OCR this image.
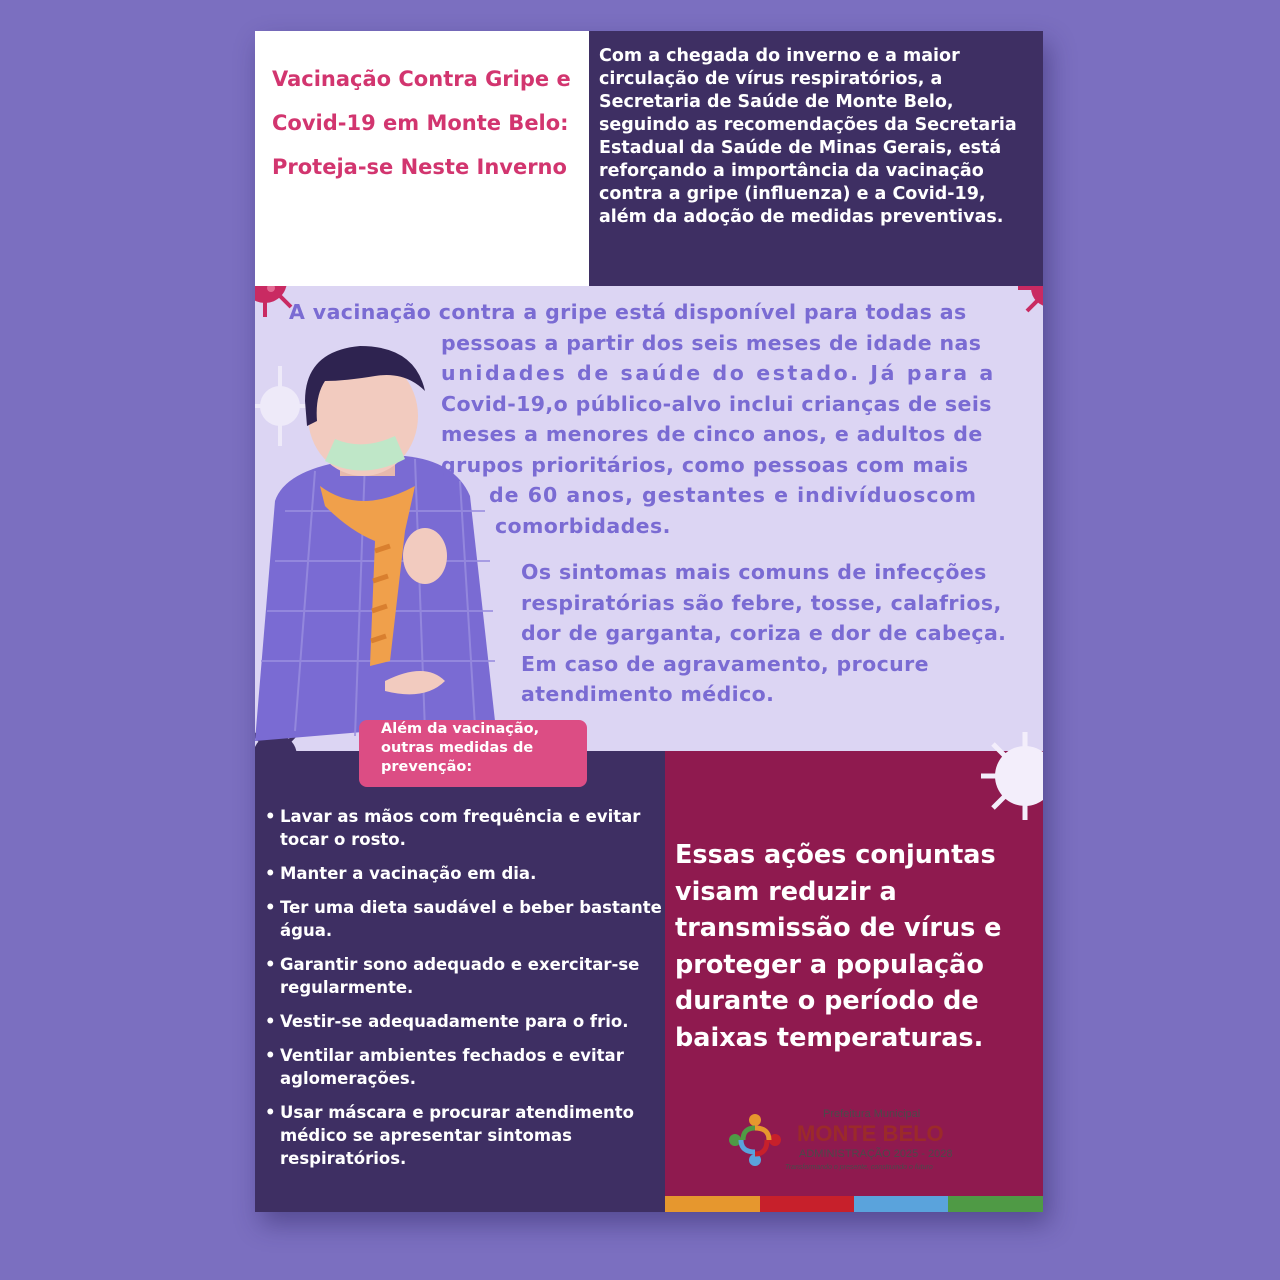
Vacinação Contra Gripe e Covid-19 em Monte Belo: Proteja-se Neste Inverno
Com a chegada do inverno e a maior circulação de vírus respiratórios, a Secretaria de Saúde de Monte Belo, seguindo as recomendações da Secretaria Estadual da Saúde de Minas Gerais, está reforçando a importância da vacinação contra a gripe (influenza) e a Covid-19, além da adoção de medidas preventivas.
A vacinação contra a gripe está disponível para todas as
pessoas a partir dos seis meses de idade nas
unidades de saúde do estado. Já para a
Covid-19,o público-alvo inclui crianças de seis
meses a menores de cinco anos, e adultos de
grupos prioritários, como pessoas com mais
de 60 anos, gestantes e indivíduoscom
comorbidades.
Os sintomas mais comuns de infecções respiratórias são febre, tosse, calafrios, dor de garganta, coriza e dor de cabeça. Em caso de agravamento, procure atendimento médico.
Além da vacinação,
outras medidas de
prevenção:
• Lavar as mãos com frequência e evitar tocar o rosto.
• Manter a vacinação em dia.
• Ter uma dieta saudável e beber bastante água.
• Garantir sono adequado e exercitar-se regularmente.
• Vestir-se adequadamente para o frio.
• Ventilar ambientes fechados e evitar aglomerações.
• Usar máscara e procurar atendimento médico se apresentar sintomas respiratórios.
Essas ações conjuntas visam reduzir a transmissão de vírus e proteger a população durante o período de baixas temperaturas.
Prefeitura Municipal
MONTE BELO
ADMINISTRAÇÃO 2025 - 2028
Transformando o presente, construindo o futuro
